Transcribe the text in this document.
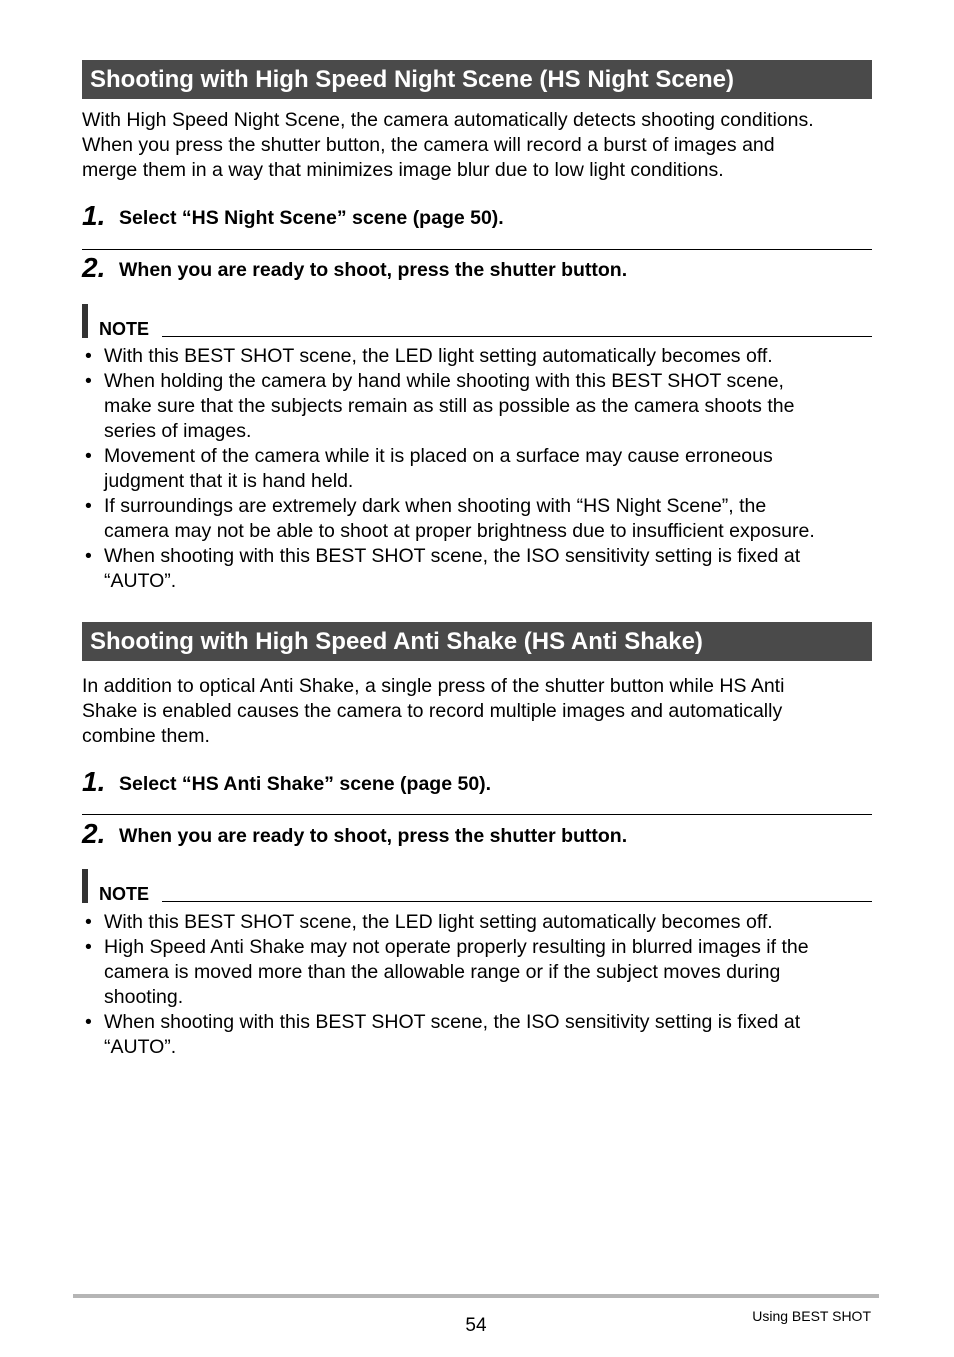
Shooting with High Speed Night Scene (HS Night Scene)
With High Speed Night Scene, the camera automatically detects shooting conditions.
When you press the shutter button, the camera will record a burst of images and
merge them in a way that minimizes image blur due to low light conditions.
1. Select “HS Night Scene” scene (page 50).
2. When you are ready to shoot, press the shutter button.
NOTE
• With this BEST SHOT scene, the LED light setting automatically becomes off.
• When holding the camera by hand while shooting with this BEST SHOT scene,
make sure that the subjects remain as still as possible as the camera shoots the
series of images.
• Movement of the camera while it is placed on a surface may cause erroneous
judgment that it is hand held.
• If surroundings are extremely dark when shooting with “HS Night Scene”, the
camera may not be able to shoot at proper brightness due to insufficient exposure.
• When shooting with this BEST SHOT scene, the ISO sensitivity setting is fixed at
“AUTO”.
Shooting with High Speed Anti Shake (HS Anti Shake)
In addition to optical Anti Shake, a single press of the shutter button while HS Anti
Shake is enabled causes the camera to record multiple images and automatically
combine them.
1. Select “HS Anti Shake” scene (page 50).
2. When you are ready to shoot, press the shutter button.
NOTE
• With this BEST SHOT scene, the LED light setting automatically becomes off.
• High Speed Anti Shake may not operate properly resulting in blurred images if the
camera is moved more than the allowable range or if the subject moves during
shooting.
• When shooting with this BEST SHOT scene, the ISO sensitivity setting is fixed at
“AUTO”.
54	Using BEST SHOT
